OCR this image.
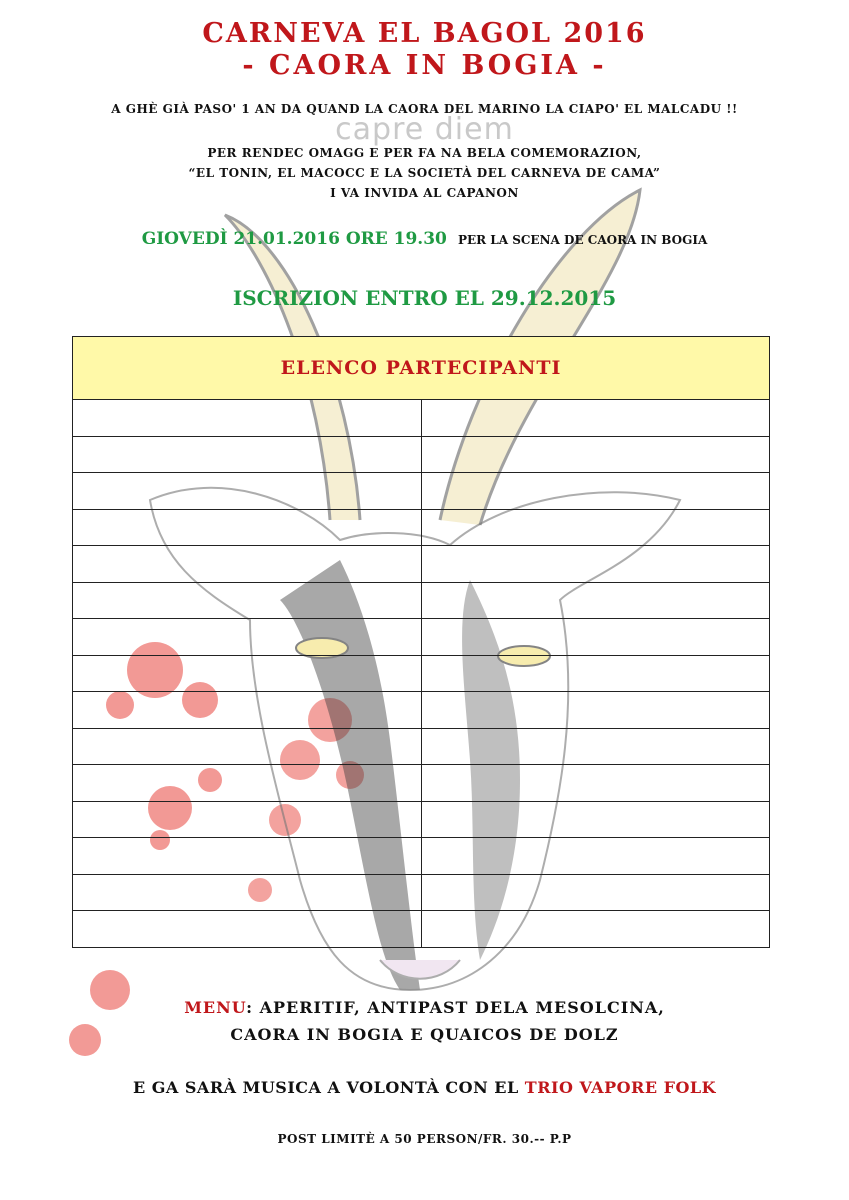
CARNEVA EL BAGOL 2016
- CAORA IN BOGIA -
A GHÈ GIÀ PASO' 1 AN DA QUAND LA CAORA DEL MARINO LA CIAPO' EL MALCADU !!
capre diem
PER RENDEC OMAGG E PER FA NA BELA COMEMORAZION,
“EL TONIN, EL MACOCC E LA SOCIETÀ DEL CARNEVA DE CAMA”
I VA INVIDA AL CAPANON
GIOVEDÌ 21.01.2016 ORE 19.30 PER LA SCENA DE CAORA IN BOGIA
ISCRIZION ENTRO EL 29.12.2015
ELENCO PARTECIPANTI	

MENU: APERITIF, ANTIPAST DELA MESOLCINA,
CAORA IN BOGIA E QUAICOS DE DOLZ
E GA SARÀ MUSICA A VOLONTÀ CON EL TRIO VAPORE FOLK
POST LIMITÈ A 50 PERSON/FR. 30.-- P.P
